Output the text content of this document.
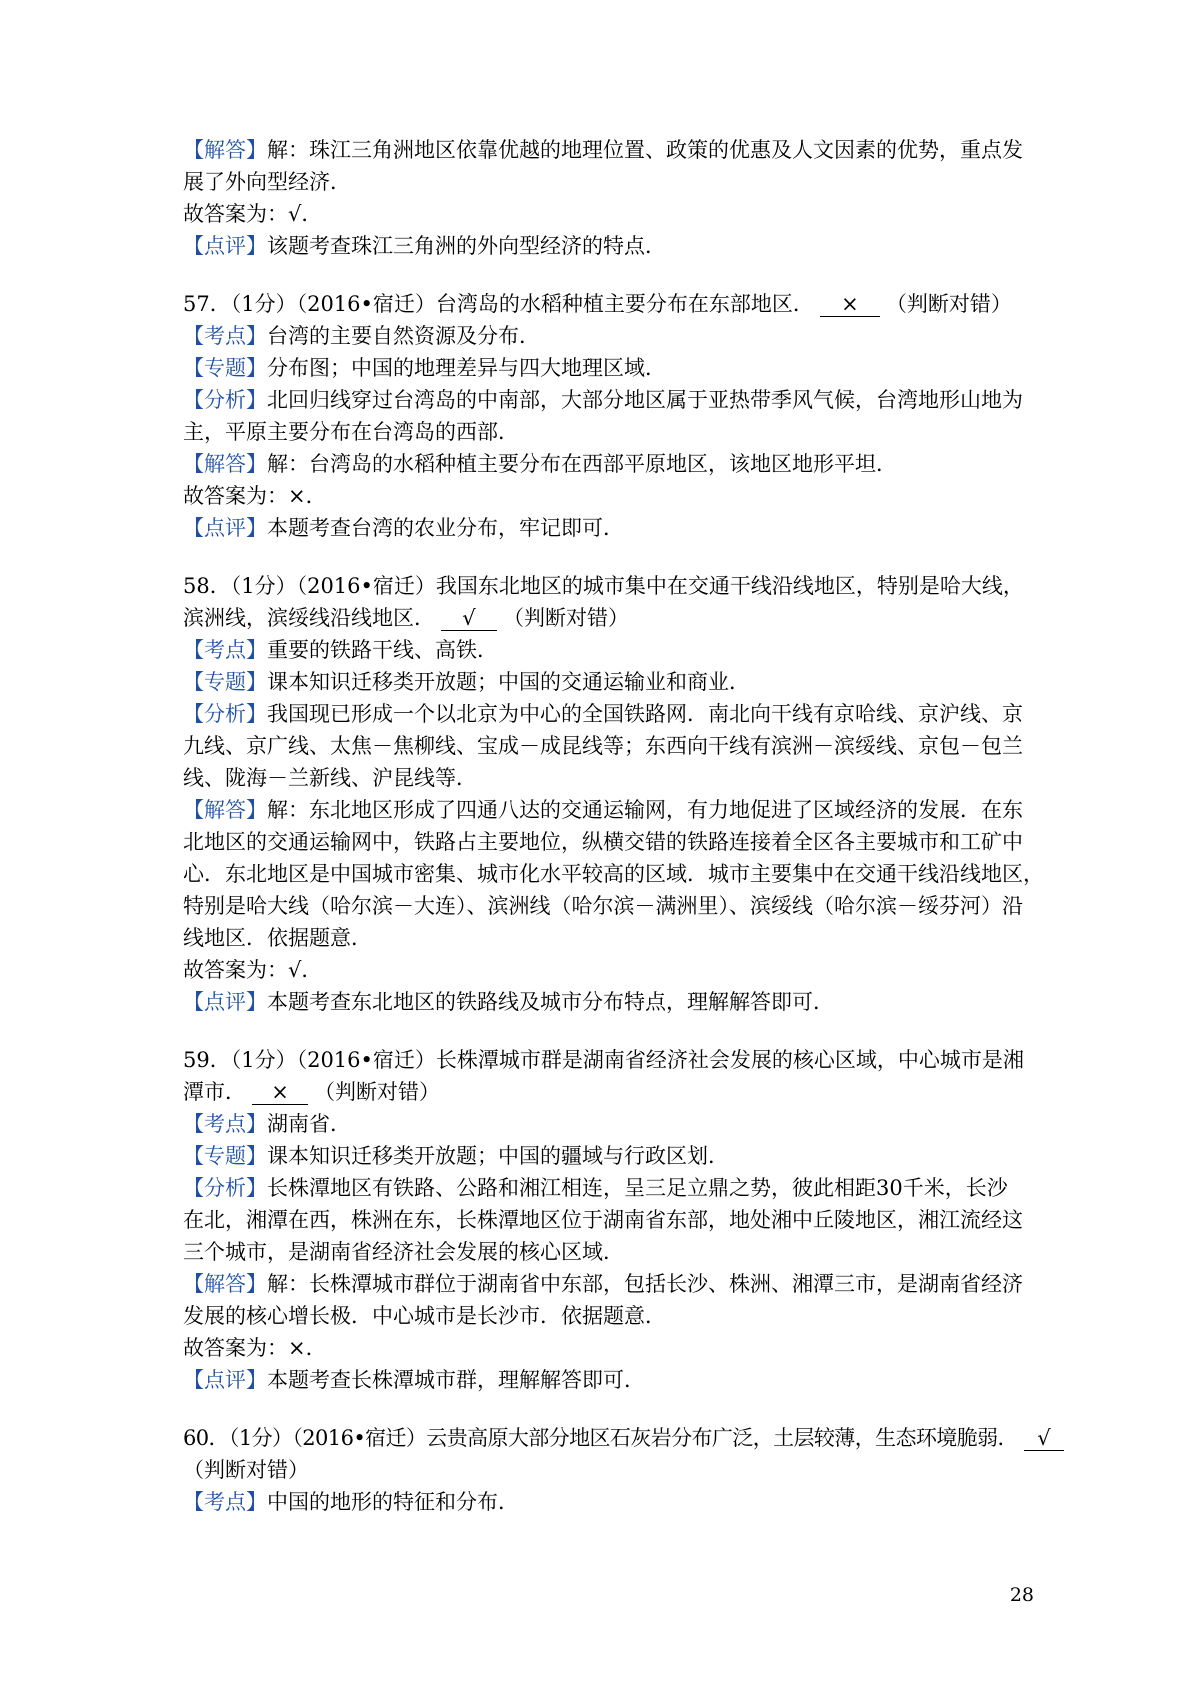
【解答】解：珠江三角洲地区依靠优越的地理位置、政策的优惠及人文因素的优势，重点发
展了外向型经济．
故答案为：√．
【点评】该题考查珠江三角洲的外向型经济的特点．
57．（1分）（2016•宿迁）台湾岛的水稻种植主要分布在东部地区． × （判断对错）
【考点】台湾的主要自然资源及分布．
【专题】分布图；中国的地理差异与四大地理区域．
【分析】北回归线穿过台湾岛的中南部，大部分地区属于亚热带季风气候，台湾地形山地为
主，平原主要分布在台湾岛的西部．
【解答】解：台湾岛的水稻种植主要分布在西部平原地区，该地区地形平坦．
故答案为：×．
【点评】本题考查台湾的农业分布，牢记即可．
58．（1分）（2016•宿迁）我国东北地区的城市集中在交通干线沿线地区，特别是哈大线，
滨洲线，滨绥线沿线地区． √ （判断对错）
【考点】重要的铁路干线、高铁．
【专题】课本知识迁移类开放题；中国的交通运输业和商业．
【分析】我国现已形成一个以北京为中心的全国铁路网．南北向干线有京哈线、京沪线、京
九线、京广线、太焦－焦柳线、宝成－成昆线等；东西向干线有滨洲－滨绥线、京包－包兰
线、陇海－兰新线、沪昆线等．
【解答】解：东北地区形成了四通八达的交通运输网，有力地促进了区域经济的发展．在东
北地区的交通运输网中，铁路占主要地位，纵横交错的铁路连接着全区各主要城市和工矿中
心．东北地区是中国城市密集、城市化水平较高的区域．城市主要集中在交通干线沿线地区，
特别是哈大线（哈尔滨－大连）、滨洲线（哈尔滨－满洲里）、滨绥线（哈尔滨－绥芬河）沿
线地区．依据题意．
故答案为：√．
【点评】本题考查东北地区的铁路线及城市分布特点，理解解答即可．
59．（1分）（2016•宿迁）长株潭城市群是湖南省经济社会发展的核心区域，中心城市是湘
潭市． × （判断对错）
【考点】湖南省．
【专题】课本知识迁移类开放题；中国的疆域与行政区划．
【分析】长株潭地区有铁路、公路和湘江相连，呈三足立鼎之势，彼此相距30千米，长沙
在北，湘潭在西，株洲在东，长株潭地区位于湖南省东部，地处湘中丘陵地区，湘江流经这
三个城市，是湖南省经济社会发展的核心区域．
【解答】解：长株潭城市群位于湖南省中东部，包括长沙、株洲、湘潭三市，是湖南省经济
发展的核心增长极．中心城市是长沙市．依据题意．
故答案为：×．
【点评】本题考查长株潭城市群，理解解答即可．
60．（1分）（2016•宿迁）云贵高原大部分地区石灰岩分布广泛，土层较薄，生态环境脆弱． √
（判断对错）
【考点】中国的地形的特征和分布．
28
